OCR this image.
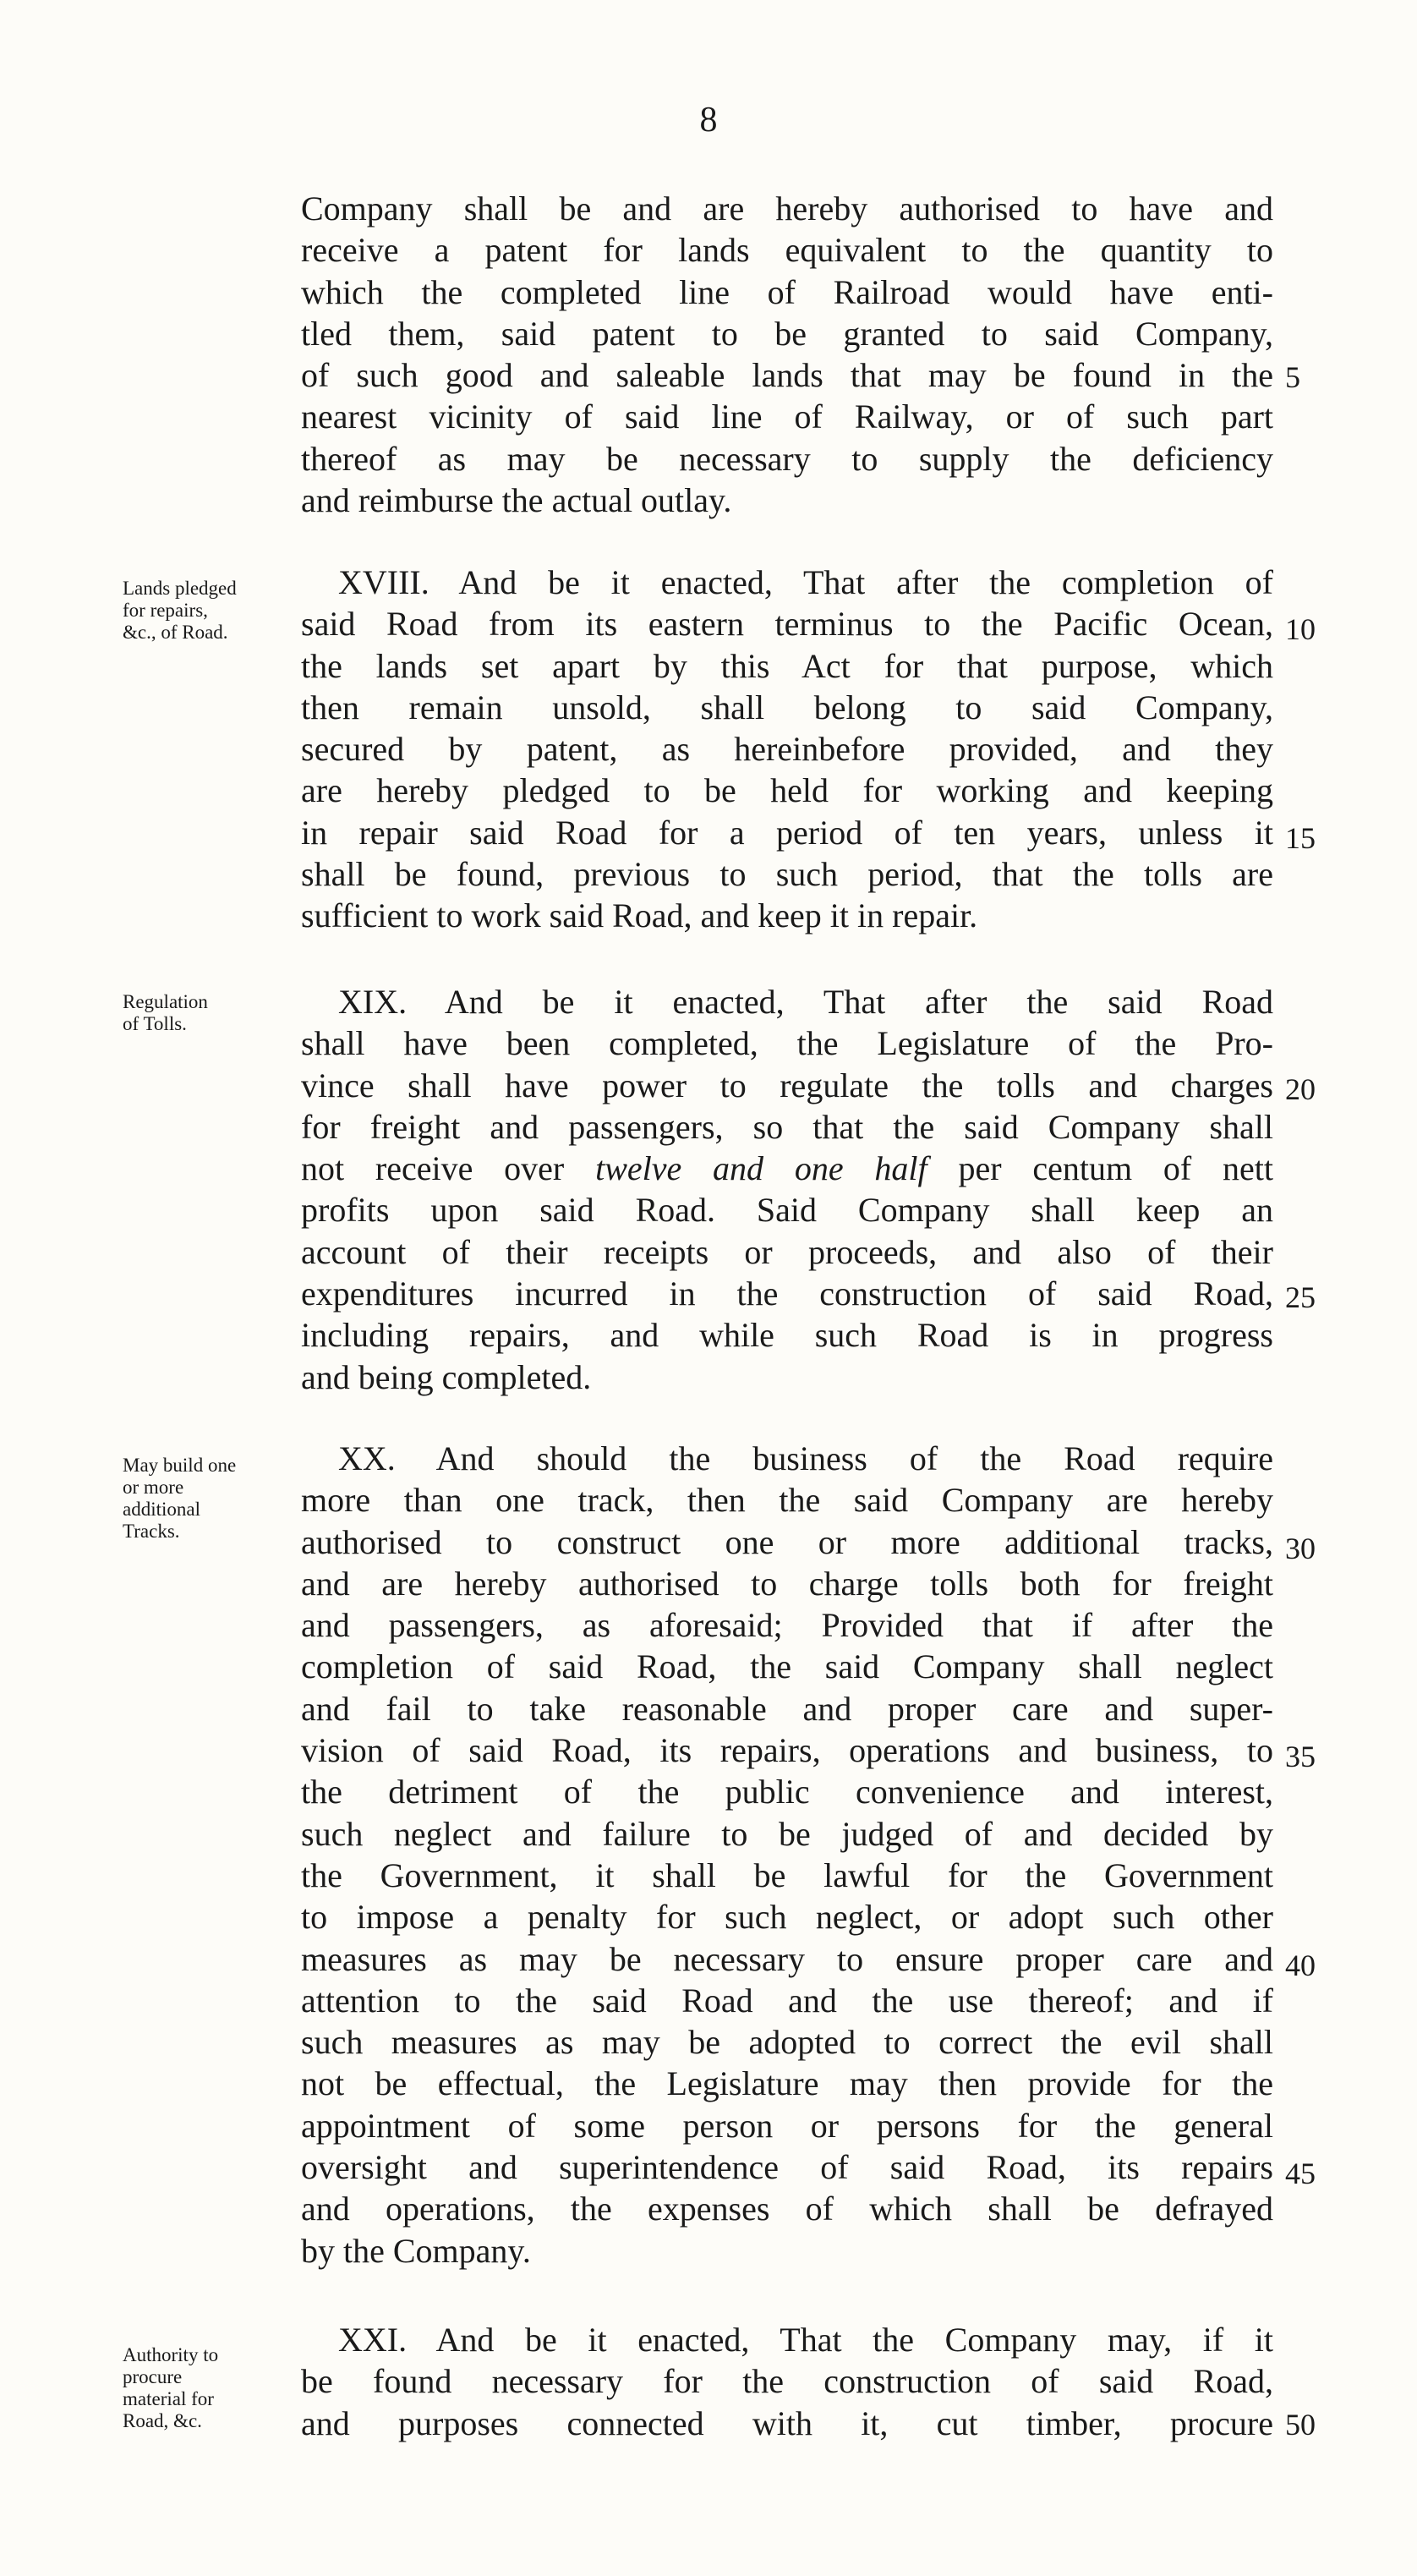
8
Company shall be and are hereby authorised to have and
receive a patent for lands equivalent to the quantity to
which the completed line of Railroad would have enti-
tled them, said patent to be granted to said Company,
of such good and saleable lands that may be found in the
nearest vicinity of said line of Railway, or of such part
thereof as may be necessary to supply the deficiency
and reimburse the actual outlay.
Lands pledged
for repairs,
&c., of Road.
XVIII. And be it enacted, That after the completion of
said Road from its eastern terminus to the Pacific Ocean,
the lands set apart by this Act for that purpose, which
then remain unsold, shall belong to said Company,
secured by patent, as hereinbefore provided, and they
are hereby pledged to be held for working and keeping
in repair said Road for a period of ten years, unless it
shall be found, previous to such period, that the tolls are
sufficient to work said Road, and keep it in repair.
Regulation
of Tolls.
XIX. And be it enacted, That after the said Road
shall have been completed, the Legislature of the Pro-
vince shall have power to regulate the tolls and charges
for freight and passengers, so that the said Company shall
not receive over twelve and one half per centum of nett
profits upon said Road. Said Company shall keep an
account of their receipts or proceeds, and also of their
expenditures incurred in the construction of said Road,
including repairs, and while such Road is in progress
and being completed.
May build one
or more
additional
Tracks.
XX. And should the business of the Road require
more than one track, then the said Company are hereby
authorised to construct one or more additional tracks,
and are hereby authorised to charge tolls both for freight
and passengers, as aforesaid; Provided that if after the
completion of said Road, the said Company shall neglect
and fail to take reasonable and proper care and super-
vision of said Road, its repairs, operations and business, to
the detriment of the public convenience and interest,
such neglect and failure to be judged of and decided by
the Government, it shall be lawful for the Government
to impose a penalty for such neglect, or adopt such other
measures as may be necessary to ensure proper care and
attention to the said Road and the use thereof; and if
such measures as may be adopted to correct the evil shall
not be effectual, the Legislature may then provide for the
appointment of some person or persons for the general
oversight and superintendence of said Road, its repairs
and operations, the expenses of which shall be defrayed
by the Company.
Authority to
procure
material for
Road, &c.
XXI. And be it enacted, That the Company may, if it
be found necessary for the construction of said Road,
and purposes connected with it, cut timber, procure
5
10
15
20
25
30
35
40
45
50
